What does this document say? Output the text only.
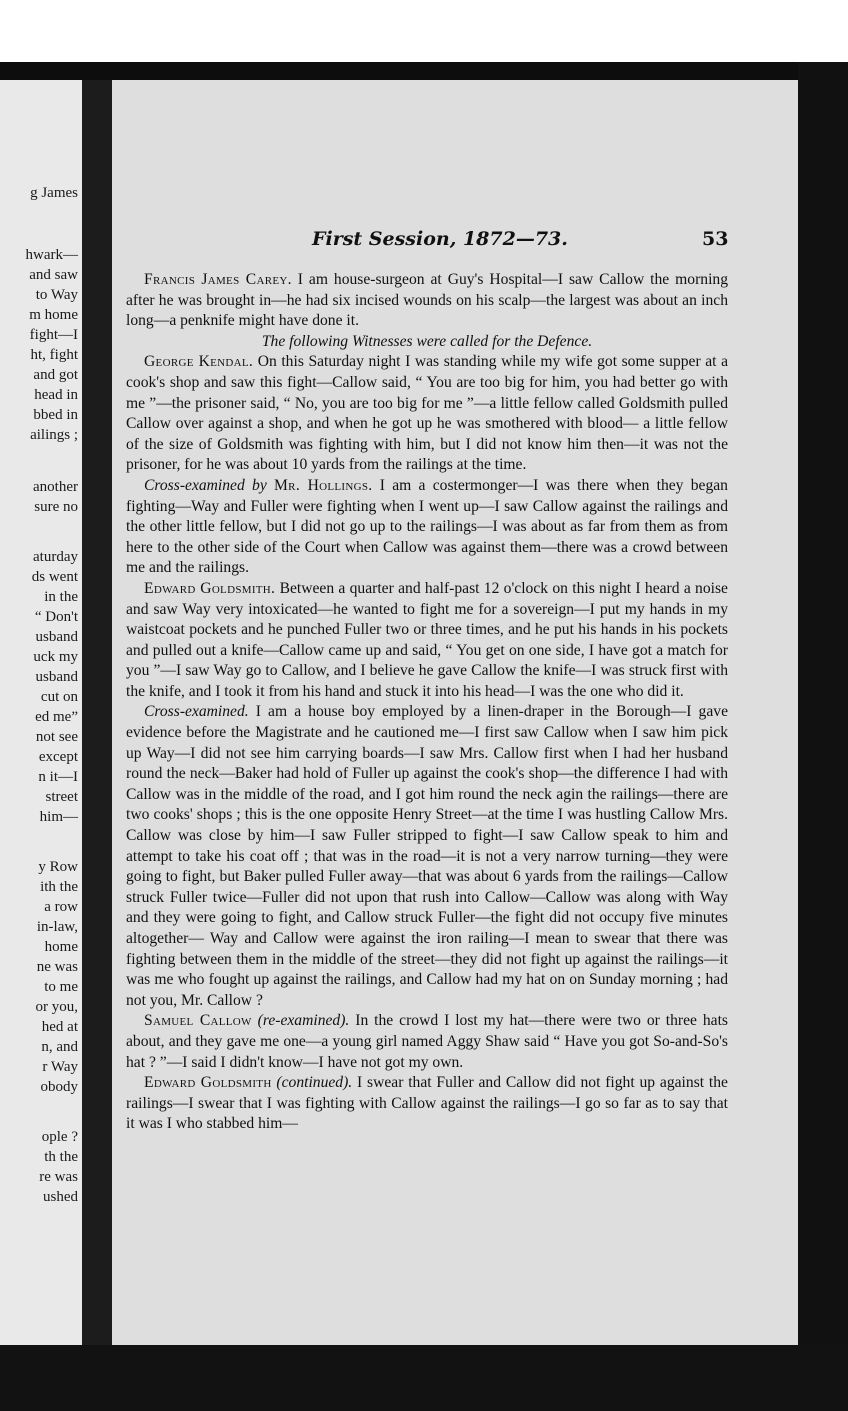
g James
hwark—
and saw
to Way
m home
fight—I
ht, fight
and got
head in
bbed in
ailings ;
another
sure no
aturday
ds went
in the
“ Don't
usband
uck my
usband
cut on
ed me”
not see
except
n it—I
street
him—
y Row
ith the
a row
in-law,
home
ne was
to me
or you,
hed at
n, and
r Way
obody
ople ?
th the
re was
ushed
First Session, 1872—73.	53

Francis James Carey. I am house-surgeon at Guy's Hospital—I saw Callow the morning after he was brought in—he had six incised wounds on his scalp—the largest was about an inch long—a penknife might have done it.

The following Witnesses were called for the Defence.

George Kendal. On this Saturday night I was standing while my wife got some supper at a cook's shop and saw this fight—Callow said, “ You are too big for him, you had better go with me ”—the prisoner said, “ No, you are too big for me ”—a little fellow called Goldsmith pulled Callow over against a shop, and when he got up he was smothered with blood— a little fellow of the size of Goldsmith was fighting with him, but I did not know him then—it was not the prisoner, for he was about 10 yards from the railings at the time.

Cross-examined by Mr. Hollings. I am a costermonger—I was there when they began fighting—Way and Fuller were fighting when I went up—I saw Callow against the railings and the other little fellow, but I did not go up to the railings—I was about as far from them as from here to the other side of the Court when Callow was against them—there was a crowd between me and the railings.

Edward Goldsmith. Between a quarter and half-past 12 o'clock on this night I heard a noise and saw Way very intoxicated—he wanted to fight me for a sovereign—I put my hands in my waistcoat pockets and he punched Fuller two or three times, and he put his hands in his pockets and pulled out a knife—Callow came up and said, “ You get on one side, I have got a match for you ”—I saw Way go to Callow, and I believe he gave Callow the knife—I was struck first with the knife, and I took it from his hand and stuck it into his head—I was the one who did it.

Cross-examined. I am a house boy employed by a linen-draper in the Borough—I gave evidence before the Magistrate and he cautioned me—I first saw Callow when I saw him pick up Way—I did not see him carrying boards—I saw Mrs. Callow first when I had her husband round the neck—Baker had hold of Fuller up against the cook's shop—the difference I had with Callow was in the middle of the road, and I got him round the neck agin the railings—there are two cooks' shops ; this is the one opposite Henry Street—at the time I was hustling Callow Mrs. Callow was close by him—I saw Fuller stripped to fight—I saw Callow speak to him and attempt to take his coat off ; that was in the road—it is not a very narrow turning—they were going to fight, but Baker pulled Fuller away—that was about 6 yards from the railings—Callow struck Fuller twice—Fuller did not upon that rush into Callow—Callow was along with Way and they were going to fight, and Callow struck Fuller—the fight did not occupy five minutes altogether— Way and Callow were against the iron railing—I mean to swear that there was fighting between them in the middle of the street—they did not fight up against the railings—it was me who fought up against the railings, and Callow had my hat on on Sunday morning ; had not you, Mr. Callow ?

Samuel Callow (re-examined). In the crowd I lost my hat—there were two or three hats about, and they gave me one—a young girl named Aggy Shaw said “ Have you got So-and-So's hat ? ”—I said I didn't know—I have not got my own.

Edward Goldsmith (continued). I swear that Fuller and Callow did not fight up against the railings—I swear that I was fighting with Callow against the railings—I go so far as to say that it was I who stabbed him—
